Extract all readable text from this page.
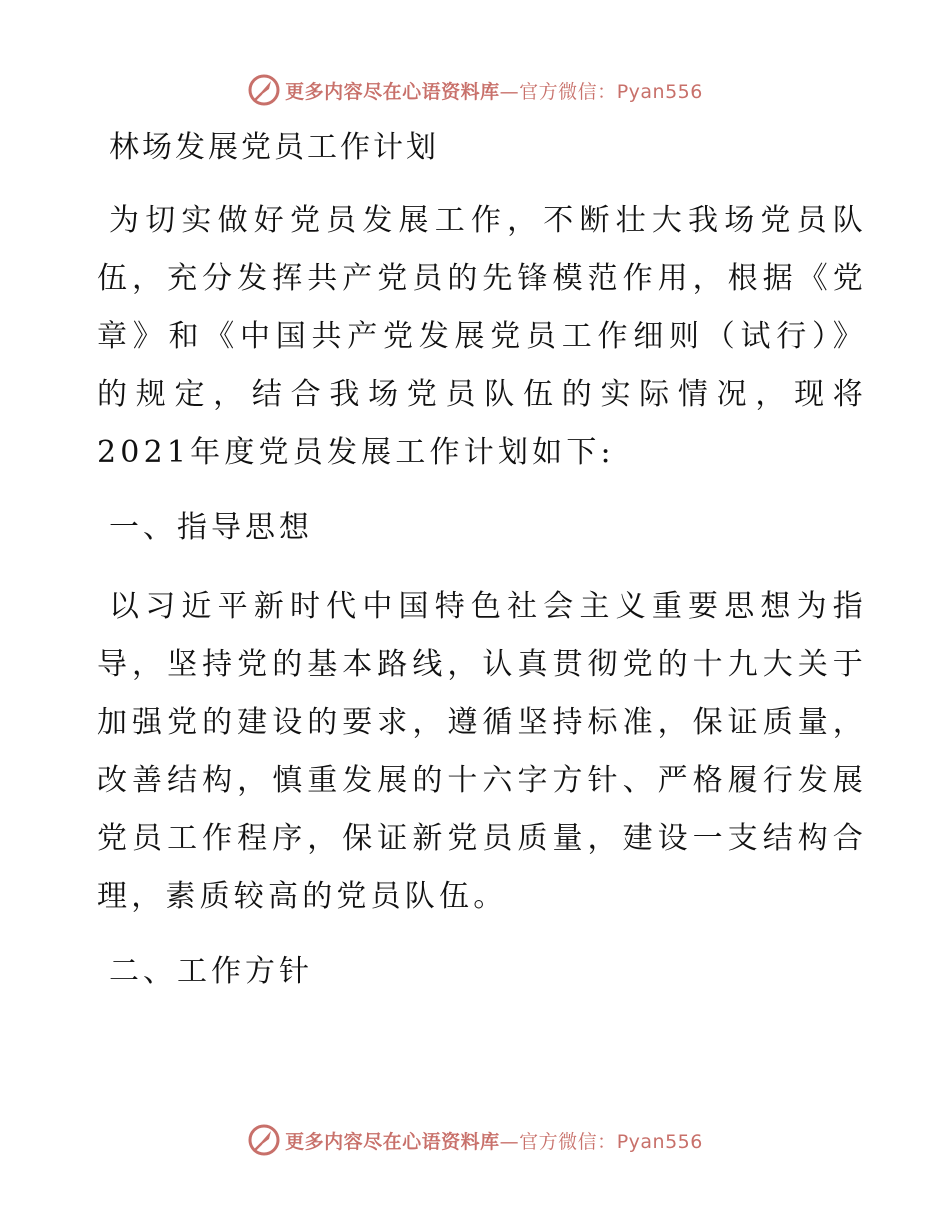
更多内容尽在心语资料库—官方微信：Pyan556
林场发展党员工作计划

为切实做好党员发展工作，不断壮大我场党员队伍，充分发挥共产党员的先锋模范作用，根据《党章》和《中国共产党发展党员工作细则（试行）》的规定，结合我场党员队伍的实际情况，现将2021年度党员发展工作计划如下:

一、指导思想

以习近平新时代中国特色社会主义重要思想为指导，坚持党的基本路线，认真贯彻党的十九大关于加强党的建设的要求，遵循坚持标准，保证质量，改善结构，慎重发展的十六字方针、严格履行发展党员工作程序，保证新党员质量，建设一支结构合理，素质较高的党员队伍。

二、工作方针
更多内容尽在心语资料库—官方微信：Pyan556
